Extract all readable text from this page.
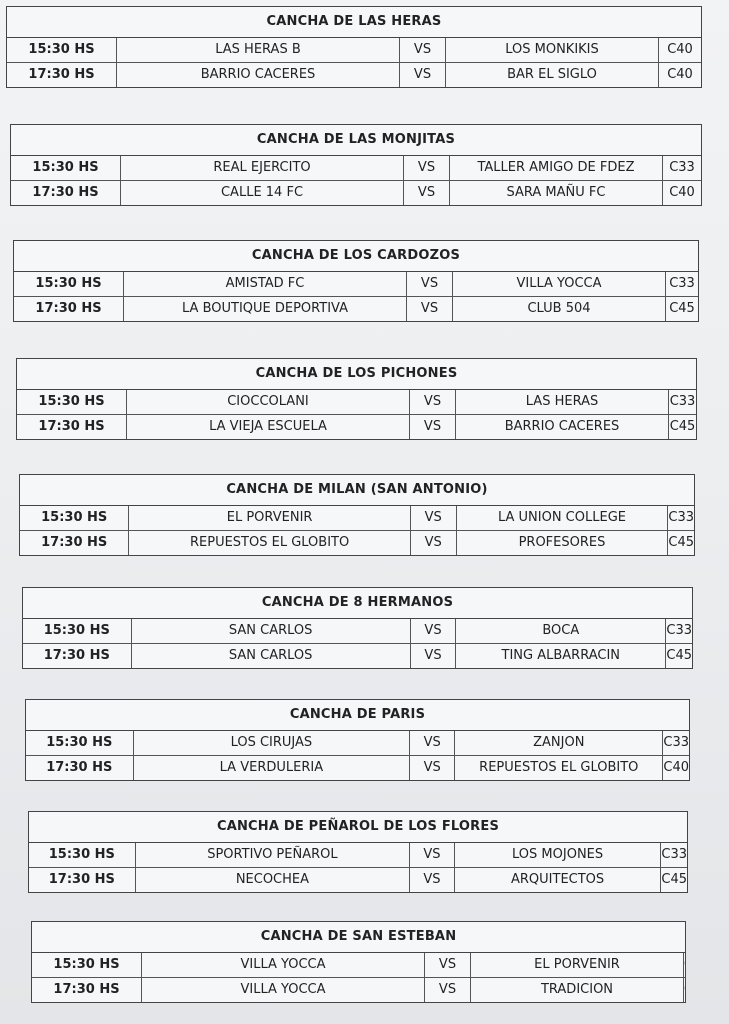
CANCHA DE LAS HERAS
15:30 HS	LAS HERAS B	VS	LOS MONKIKIS	C40
17:30 HS	BARRIO CACERES	VS	BAR EL SIGLO	C40
CANCHA DE LAS MONJITAS
15:30 HS	REAL EJERCITO	VS	TALLER AMIGO DE FDEZ	C33
17:30 HS	CALLE 14 FC	VS	SARA MAÑU FC	C40
CANCHA DE LOS CARDOZOS
15:30 HS	AMISTAD FC	VS	VILLA YOCCA	C33
17:30 HS	LA BOUTIQUE DEPORTIVA	VS	CLUB 504	C45
CANCHA DE LOS PICHONES
15:30 HS	CIOCCOLANI	VS	LAS HERAS	C33
17:30 HS	LA VIEJA ESCUELA	VS	BARRIO CACERES	C45
CANCHA DE MILAN (SAN ANTONIO)
15:30 HS	EL PORVENIR	VS	LA UNION COLLEGE	C33
17:30 HS	REPUESTOS EL GLOBITO	VS	PROFESORES	C45
CANCHA DE 8 HERMANOS
15:30 HS	SAN CARLOS	VS	BOCA	C33
17:30 HS	SAN CARLOS	VS	TING ALBARRACIN	C45
CANCHA DE PARIS
15:30 HS	LOS CIRUJAS	VS	ZANJON	C33
17:30 HS	LA VERDULERIA	VS	REPUESTOS EL GLOBITO	C40
CANCHA DE PEÑAROL DE LOS FLORES
15:30 HS	SPORTIVO PEÑAROL	VS	LOS MOJONES	C33
17:30 HS	NECOCHEA	VS	ARQUITECTOS	C45
CANCHA DE SAN ESTEBAN
15:30 HS	VILLA YOCCA	VS	EL PORVENIR
17:30 HS	VILLA YOCCA	VS	TRADICION
